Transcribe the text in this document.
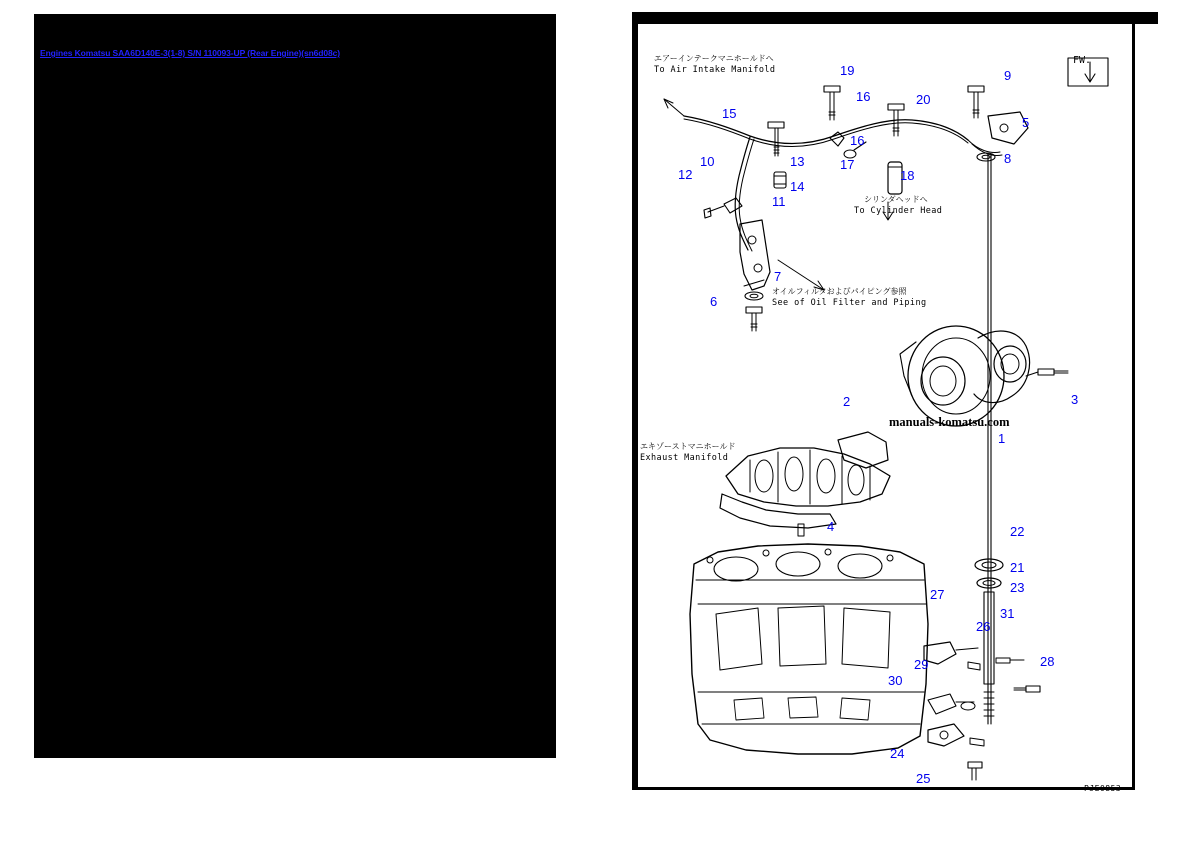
Engines Komatsu SAA6D140E-3(1-8) S/N 110093-UP (Rear Engine)(sn6d08c)
エアーインテークマニホールドへ
To Air Intake Manifold
シリンダヘッドへ
To Cylinder Head
オイルフィルタおよびパイピング参照
See of Oil Filter and Piping
エキゾーストマニホールド
Exhaust Manifold
1
2	3
4
5
6
7
8
9
10
11
12
13
14
15
16
16
17
18
19
20
21
22
23
24
25
26
27
28
29
30
31
FW.
manuals-komatsu.com
PJE0853
